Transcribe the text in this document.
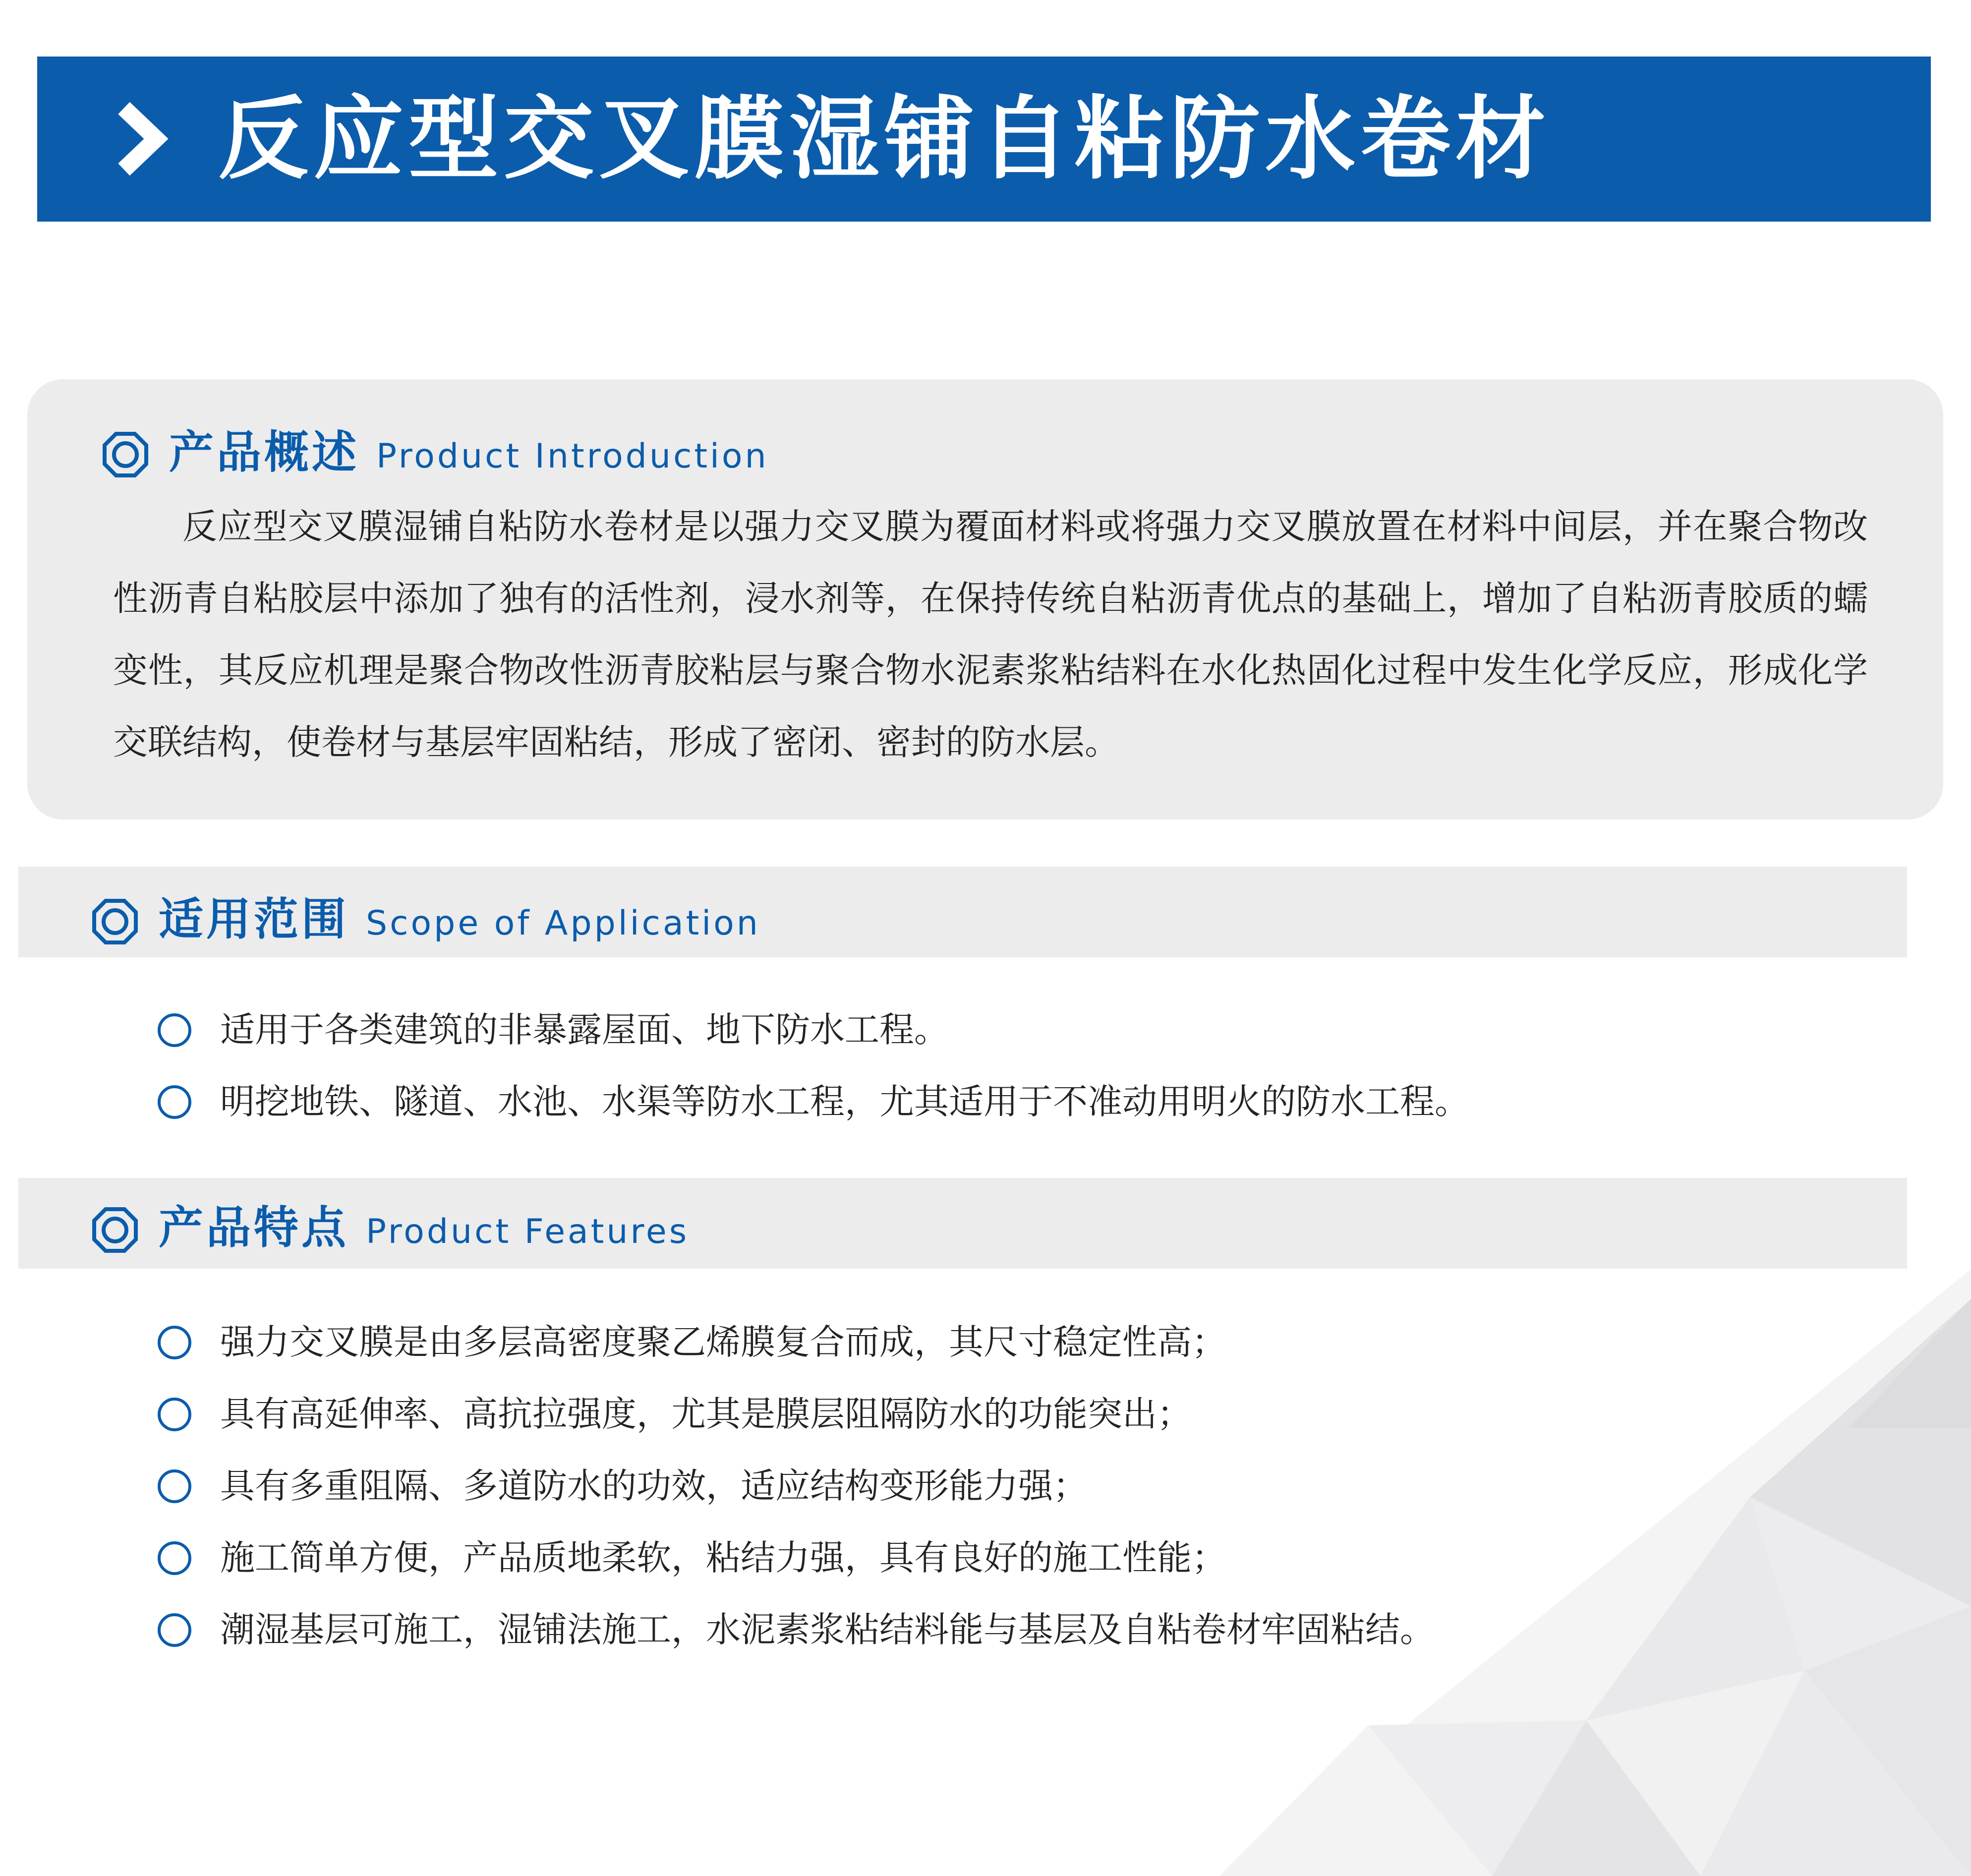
反应型交叉膜湿铺自粘防水卷材
产品概述 Product Introduction

反应型交叉膜湿铺自粘防水卷材是以强力交叉膜为覆面材料或将强力交叉膜放置在材料中间层，并在聚合物改性沥青自粘胶层中添加了独有的活性剂，浸水剂等，在保持传统自粘沥青优点的基础上，增加了自粘沥青胶质的蠕变性，其反应机理是聚合物改性沥青胶粘层与聚合物水泥素浆粘结料在水化热固化过程中发生化学反应，形成化学交联结构，使卷材与基层牢固粘结，形成了密闭、密封的防水层。

适用范围 Scope of Application
适用于各类建筑的非暴露屋面、地下防水工程。
明挖地铁、隧道、水池、水渠等防水工程，尤其适用于不准动用明火的防水工程。
产品特点 Product Features
强力交叉膜是由多层高密度聚乙烯膜复合而成，其尺寸稳定性高；
具有高延伸率、高抗拉强度，尤其是膜层阻隔防水的功能突出；
具有多重阻隔、多道防水的功效，适应结构变形能力强；
施工简单方便，产品质地柔软，粘结力强，具有良好的施工性能；
潮湿基层可施工，湿铺法施工，水泥素浆粘结料能与基层及自粘卷材牢固粘结。
